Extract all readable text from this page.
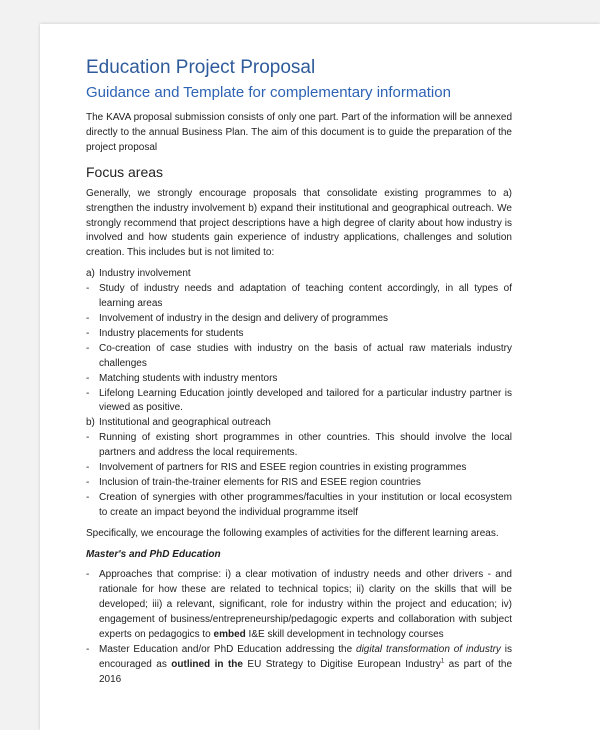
Education Project Proposal
Guidance and Template for complementary information

The KAVA proposal submission consists of only one part. Part of the information will be annexed directly to the annual Business Plan. The aim of this document is to guide the preparation of the project proposal

Focus areas

Generally, we strongly encourage proposals that consolidate existing programmes to a) strengthen the industry involvement b) expand their institutional and geographical outreach. We strongly recommend that project descriptions have a high degree of clarity about how industry is involved and how students gain experience of industry applications, challenges and solution creation. This includes but is not limited to:

a) Industry involvement
- Study of industry needs and adaptation of teaching content accordingly, in all types of learning areas
- Involvement of industry in the design and delivery of programmes
- Industry placements for students
- Co-creation of case studies with industry on the basis of actual raw materials industry challenges
- Matching students with industry mentors
- Lifelong Learning Education jointly developed and tailored for a particular industry partner is viewed as positive.
b) Institutional and geographical outreach
- Running of existing short programmes in other countries. This should involve the local partners and address the local requirements.
- Involvement of partners for RIS and ESEE region countries in existing programmes
- Inclusion of train-the-trainer elements for RIS and ESEE region countries
- Creation of synergies with other programmes/faculties in your institution or local ecosystem to create an impact beyond the individual programme itself

Specifically, we encourage the following examples of activities for the different learning areas.

Master's and PhD Education

- Approaches that comprise: i) a clear motivation of industry needs and other drivers - and rationale for how these are related to technical topics; ii) clarity on the skills that will be developed; iii) a relevant, significant, role for industry within the project and education; iv) engagement of business/entrepreneurship/pedagogic experts and collaboration with subject experts on pedagogics to embed I&E skill development in technology courses
- Master Education and/or PhD Education addressing the digital transformation of industry is encouraged as outlined in the EU Strategy to Digitise European Industry$^1$ as part of the 2016
